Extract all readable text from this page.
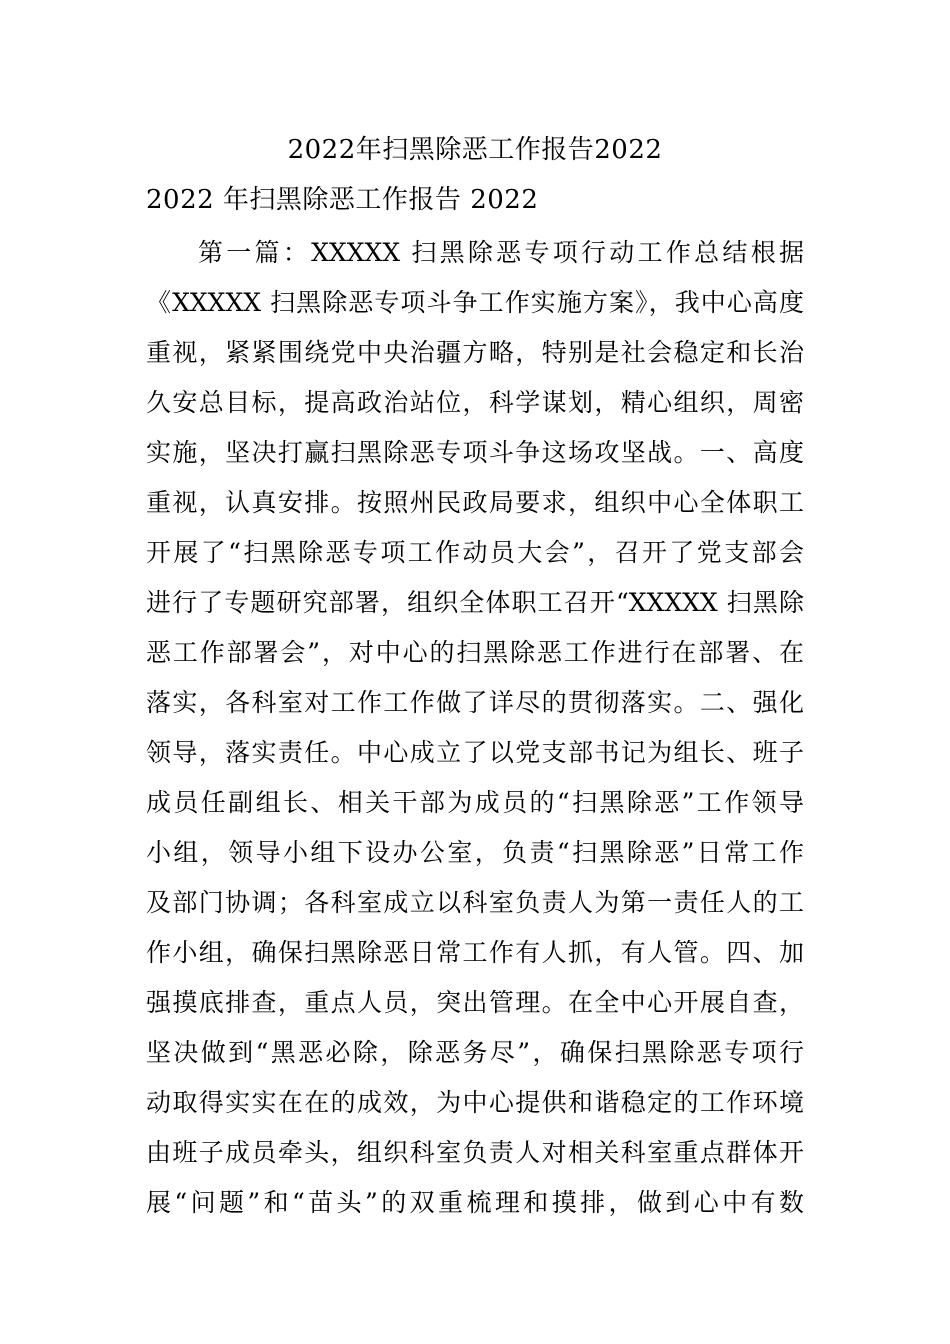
2022年扫黑除恶工作报告2022
2022 年扫黑除恶工作报告 2022
第一篇：XXXXX 扫黑除恶专项行动工作总结根据
《XXXXX 扫黑除恶专项斗争工作实施方案》，我中心高度
重视，紧紧围绕党中央治疆方略，特别是社会稳定和长治
久安总目标，提高政治站位，科学谋划，精心组织，周密
实施，坚决打赢扫黑除恶专项斗争这场攻坚战。一、高度
重视，认真安排。按照州民政局要求，组织中心全体职工
开展了“扫黑除恶专项工作动员大会”，召开了党支部会
进行了专题研究部署，组织全体职工召开“XXXXX 扫黑除
恶工作部署会”，对中心的扫黑除恶工作进行在部署、在
落实，各科室对工作工作做了详尽的贯彻落实。二、强化
领导，落实责任。中心成立了以党支部书记为组长、班子
成员任副组长、相关干部为成员的“扫黑除恶”工作领导
小组，领导小组下设办公室，负责“扫黑除恶”日常工作
及部门协调；各科室成立以科室负责人为第一责任人的工
作小组，确保扫黑除恶日常工作有人抓，有人管。四、加
强摸底排查，重点人员，突出管理。在全中心开展自查，
坚决做到“黑恶必除，除恶务尽”，确保扫黑除恶专项行
动取得实实在在的成效，为中心提供和谐稳定的工作环境
由班子成员牵头，组织科室负责人对相关科室重点群体开
展“问题”和“苗头”的双重梳理和摸排，做到心中有数
